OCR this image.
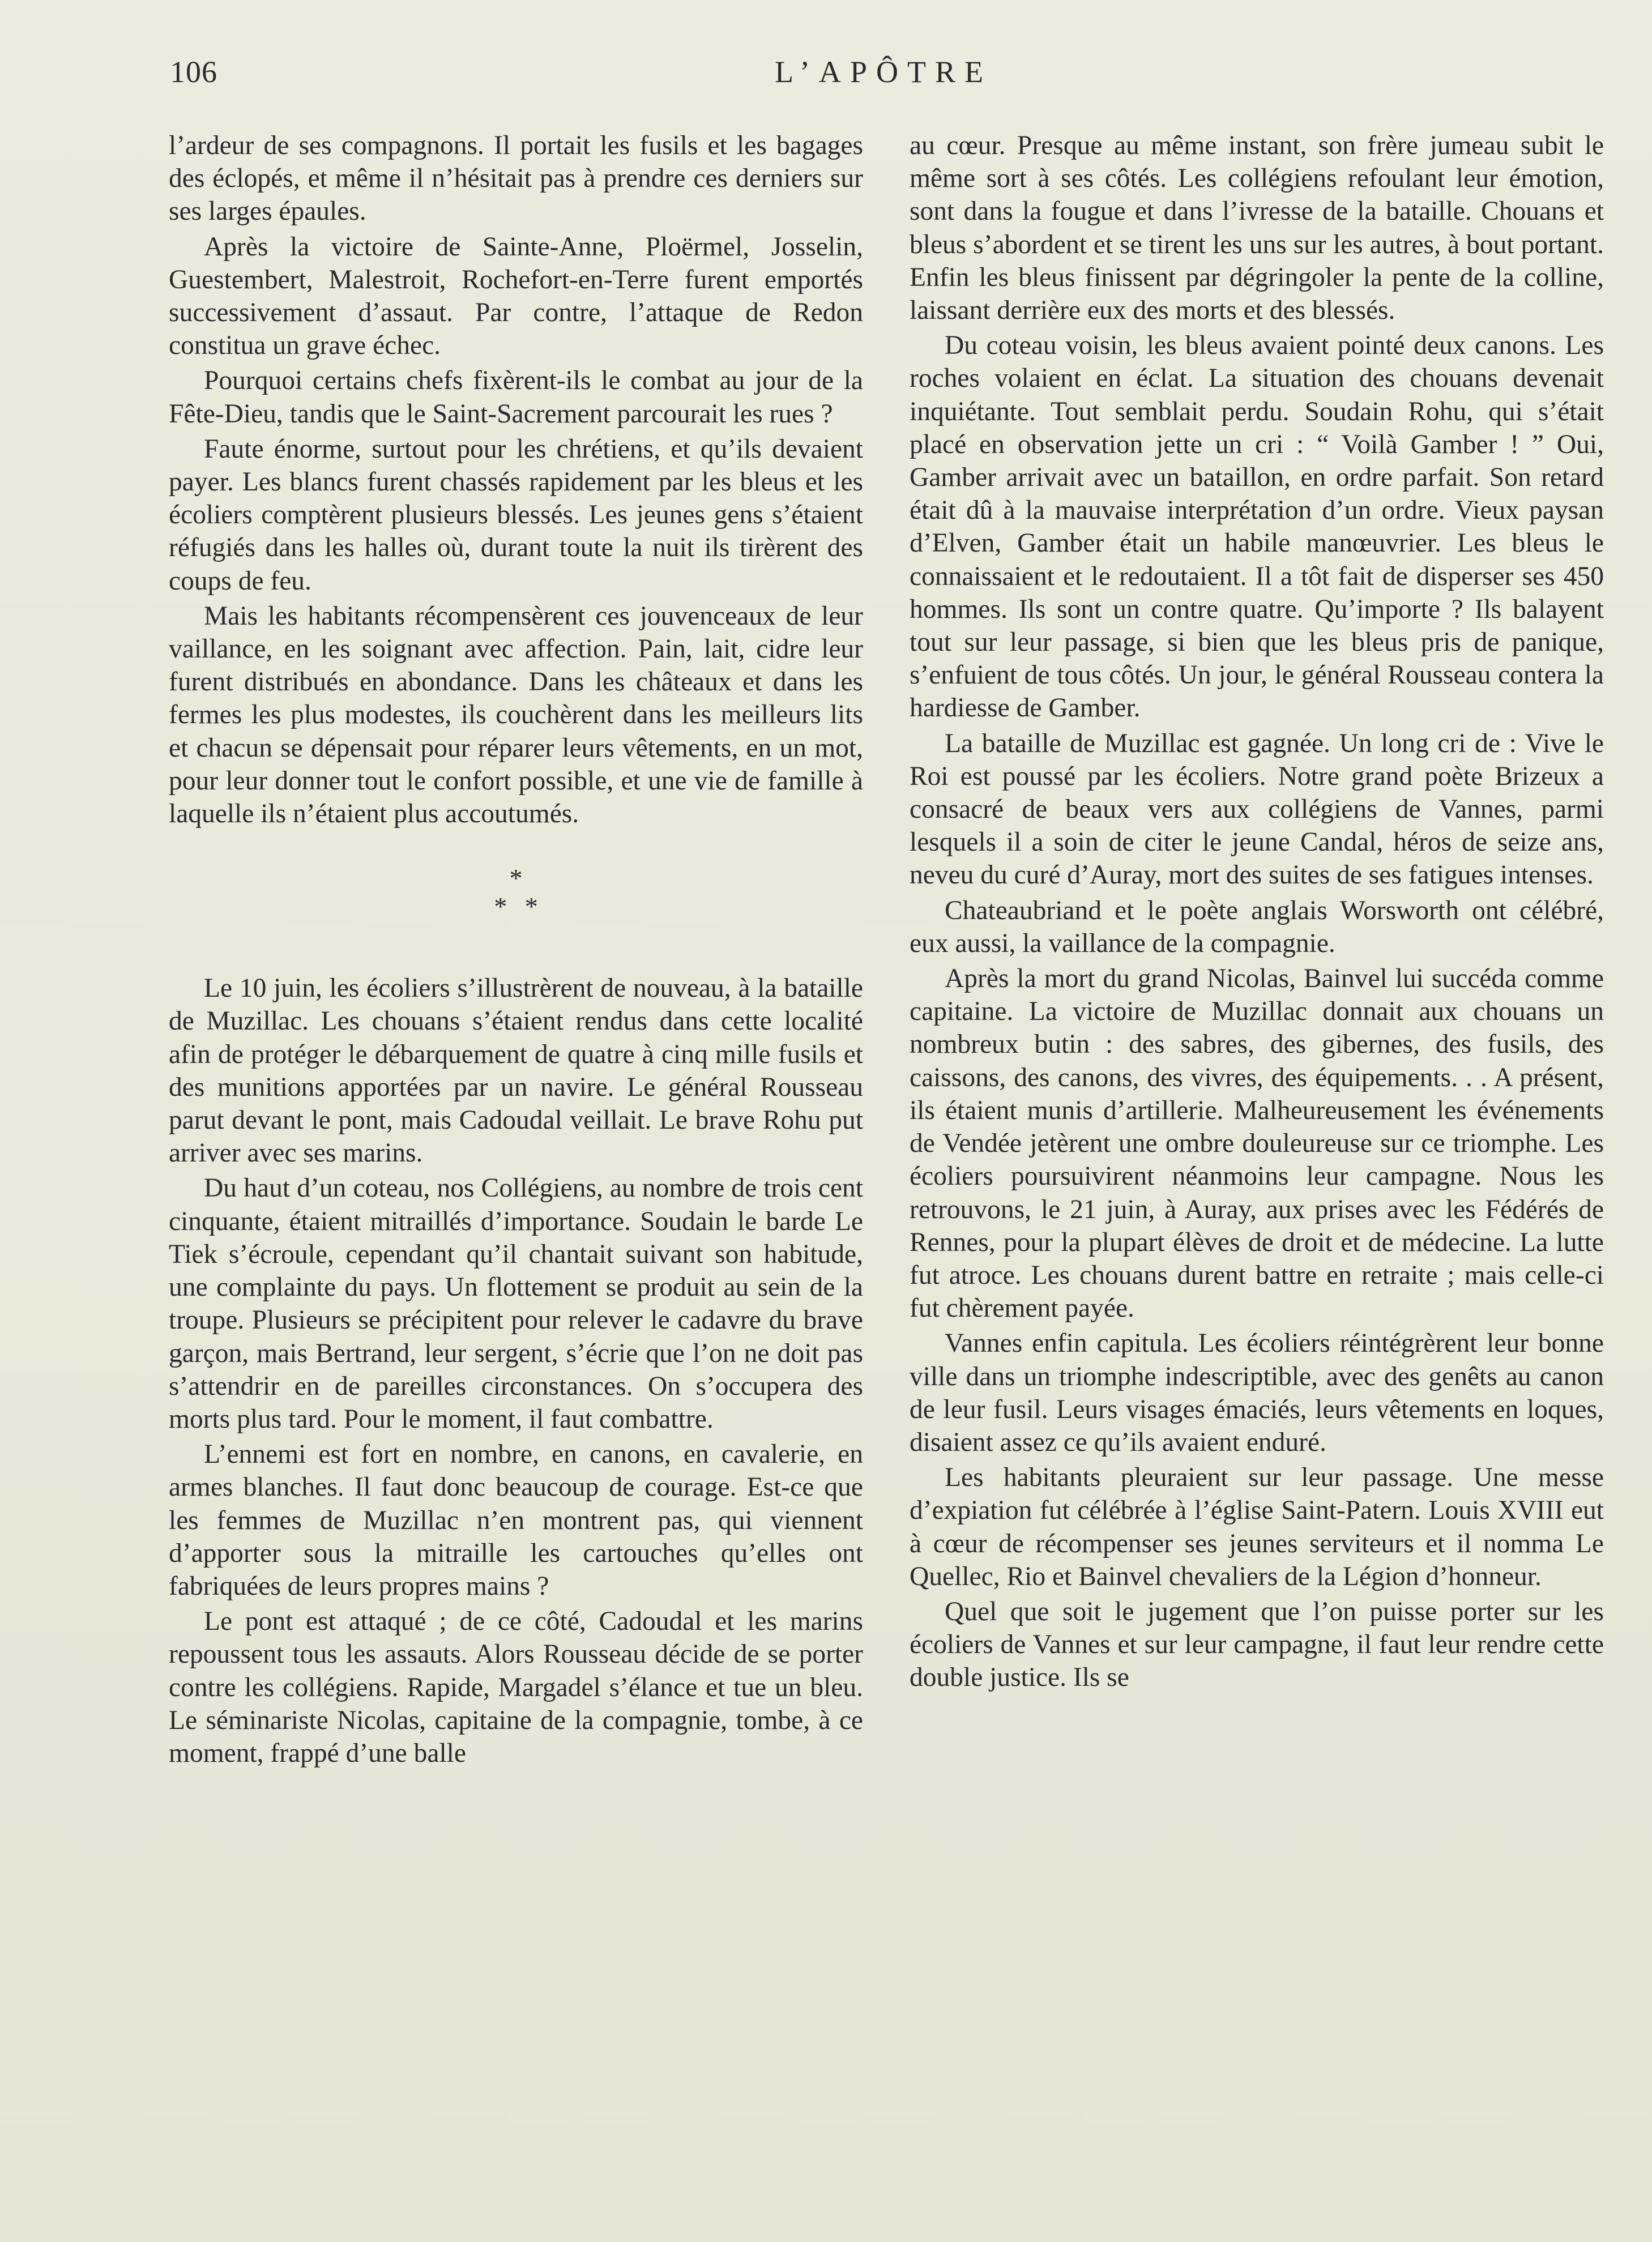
106	L’APÔTRE

l’ardeur de ses compagnons. Il portait les fusils et les bagages des éclopés, et même il n’hésitait pas à prendre ces derniers sur ses larges épaules.

Après la victoire de Sainte-Anne, Ploërmel, Josselin, Guestembert, Malestroit, Rochefort-en-Terre furent emportés successivement d’assaut. Par contre, l’attaque de Redon constitua un grave échec.

Pourquoi certains chefs fixèrent-ils le combat au jour de la Fête-Dieu, tandis que le Saint-Sacrement parcourait les rues ?

Faute énorme, surtout pour les chrétiens, et qu’ils devaient payer. Les blancs furent chassés rapidement par les bleus et les écoliers comptèrent plusieurs blessés. Les jeunes gens s’étaient réfugiés dans les halles où, durant toute la nuit ils tirèrent des coups de feu.

Mais les habitants récompensèrent ces jouvenceaux de leur vaillance, en les soignant avec affection. Pain, lait, cidre leur furent distribués en abondance. Dans les châteaux et dans les fermes les plus modestes, ils couchèrent dans les meilleurs lits et chacun se dépensait pour réparer leurs vêtements, en un mot, pour leur donner tout le confort possible, et une vie de famille à laquelle ils n’étaient plus accoutumés.

*
* *

Le 10 juin, les écoliers s’illustrèrent de nouveau, à la bataille de Muzillac. Les chouans s’étaient rendus dans cette localité afin de protéger le débarquement de quatre à cinq mille fusils et des munitions apportées par un navire. Le général Rousseau parut devant le pont, mais Cadoudal veillait. Le brave Rohu put arriver avec ses marins.

Du haut d’un coteau, nos Collégiens, au nombre de trois cent cinquante, étaient mitraillés d’importance. Soudain le barde Le Tiek s’écroule, cependant qu’il chantait suivant son habitude, une complainte du pays. Un flottement se produit au sein de la troupe. Plusieurs se précipitent pour relever le cadavre du brave garçon, mais Bertrand, leur sergent, s’écrie que l’on ne doit pas s’attendrir en de pareilles circonstances. On s’occupera des morts plus tard. Pour le moment, il faut combattre.

L’ennemi est fort en nombre, en canons, en cavalerie, en armes blanches. Il faut donc beaucoup de courage. Est-ce que les femmes de Muzillac n’en montrent pas, qui viennent d’apporter sous la mitraille les cartouches qu’elles ont fabriquées de leurs propres mains ?

Le pont est attaqué ; de ce côté, Cadoudal et les marins repoussent tous les assauts. Alors Rousseau décide de se porter contre les collégiens. Rapide, Margadel s’élance et tue un bleu. Le séminariste Nicolas, capitaine de la compagnie, tombe, à ce moment, frappé d’une balle

au cœur. Presque au même instant, son frère jumeau subit le même sort à ses côtés. Les collégiens refoulant leur émotion, sont dans la fougue et dans l’ivresse de la bataille. Chouans et bleus s’abordent et se tirent les uns sur les autres, à bout portant. Enfin les bleus finissent par dégringoler la pente de la colline, laissant derrière eux des morts et des blessés.

Du coteau voisin, les bleus avaient pointé deux canons. Les roches volaient en éclat. La situation des chouans devenait inquiétante. Tout semblait perdu. Soudain Rohu, qui s’était placé en observation jette un cri : “ Voilà Gamber ! ” Oui, Gamber arrivait avec un bataillon, en ordre parfait. Son retard était dû à la mauvaise interprétation d’un ordre. Vieux paysan d’Elven, Gamber était un habile manœuvrier. Les bleus le connaissaient et le redoutaient. Il a tôt fait de disperser ses 450 hommes. Ils sont un contre quatre. Qu’importe ? Ils balayent tout sur leur passage, si bien que les bleus pris de panique, s’enfuient de tous côtés. Un jour, le général Rousseau contera la hardiesse de Gamber.

La bataille de Muzillac est gagnée. Un long cri de : Vive le Roi est poussé par les écoliers. Notre grand poète Brizeux a consacré de beaux vers aux collégiens de Vannes, parmi lesquels il a soin de citer le jeune Candal, héros de seize ans, neveu du curé d’Auray, mort des suites de ses fatigues intenses.

Chateaubriand et le poète anglais Worsworth ont célébré, eux aussi, la vaillance de la compagnie.

Après la mort du grand Nicolas, Bainvel lui succéda comme capitaine. La victoire de Muzillac donnait aux chouans un nombreux butin : des sabres, des gibernes, des fusils, des caissons, des canons, des vivres, des équipements. . . A présent, ils étaient munis d’artillerie. Malheureusement les événements de Vendée jetèrent une ombre douleureuse sur ce triomphe. Les écoliers poursuivirent néanmoins leur campagne. Nous les retrouvons, le 21 juin, à Auray, aux prises avec les Fédérés de Rennes, pour la plupart élèves de droit et de médecine. La lutte fut atroce. Les chouans durent battre en retraite ; mais celle-ci fut chèrement payée.

Vannes enfin capitula. Les écoliers réintégrèrent leur bonne ville dans un triomphe indescriptible, avec des genêts au canon de leur fusil. Leurs visages émaciés, leurs vêtements en loques, disaient assez ce qu’ils avaient enduré.

Les habitants pleuraient sur leur passage. Une messe d’expiation fut célébrée à l’église Saint-Patern. Louis XVIII eut à cœur de récompenser ses jeunes serviteurs et il nomma Le Quellec, Rio et Bainvel chevaliers de la Légion d’honneur.

Quel que soit le jugement que l’on puisse porter sur les écoliers de Vannes et sur leur campagne, il faut leur rendre cette double justice. Ils se
